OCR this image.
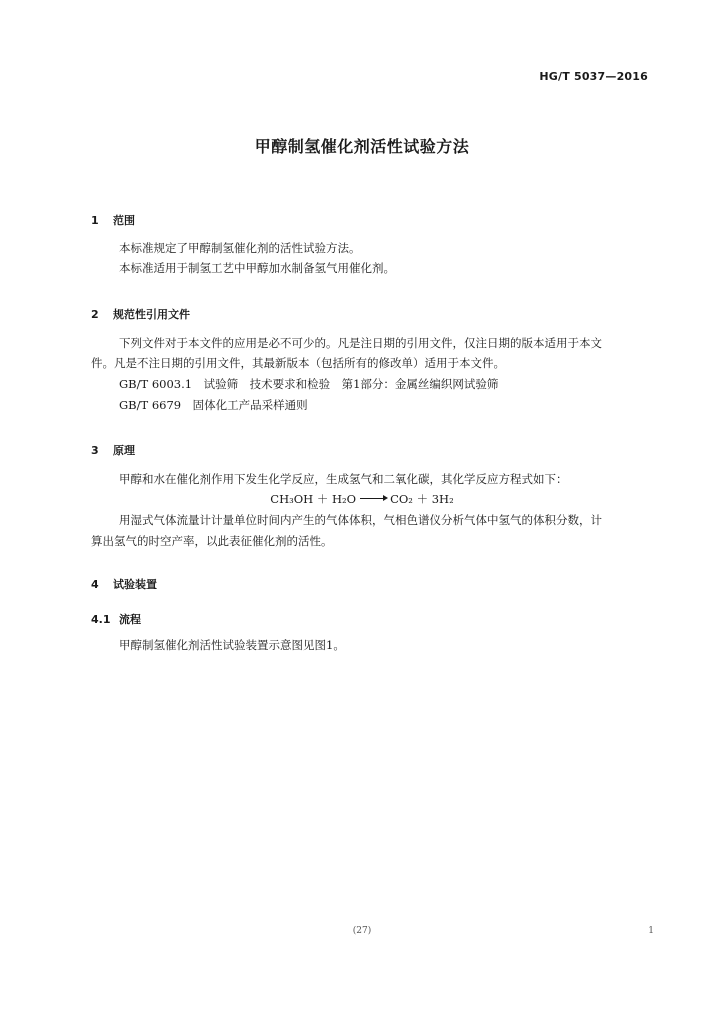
HG/T 5037—2016
甲醇制氢催化剂活性试验方法
1 范围
本标准规定了甲醇制氢催化剂的活性试验方法。
本标准适用于制氢工艺中甲醇加水制备氢气用催化剂。
2 规范性引用文件
下列文件对于本文件的应用是必不可少的。凡是注日期的引用文件，仅注日期的版本适用于本文
件。凡是不注日期的引用文件，其最新版本（包括所有的修改单）适用于本文件。
GB/T 6003.1　试验筛　技术要求和检验　第1部分：金属丝编织网试验筛
GB/T 6679　固体化工产品采样通则
3 原理
甲醇和水在催化剂作用下发生化学反应，生成氢气和二氧化碳，其化学反应方程式如下：
CH₃OH ＋ H₂O → CO₂ ＋ 3H₂
用湿式气体流量计计量单位时间内产生的气体体积，气相色谱仪分析气体中氢气的体积分数，计
算出氢气的时空产率，以此表征催化剂的活性。
4 试验装置
4.1 流程
甲醇制氢催化剂活性试验装置示意图见图1。
(27)	1
